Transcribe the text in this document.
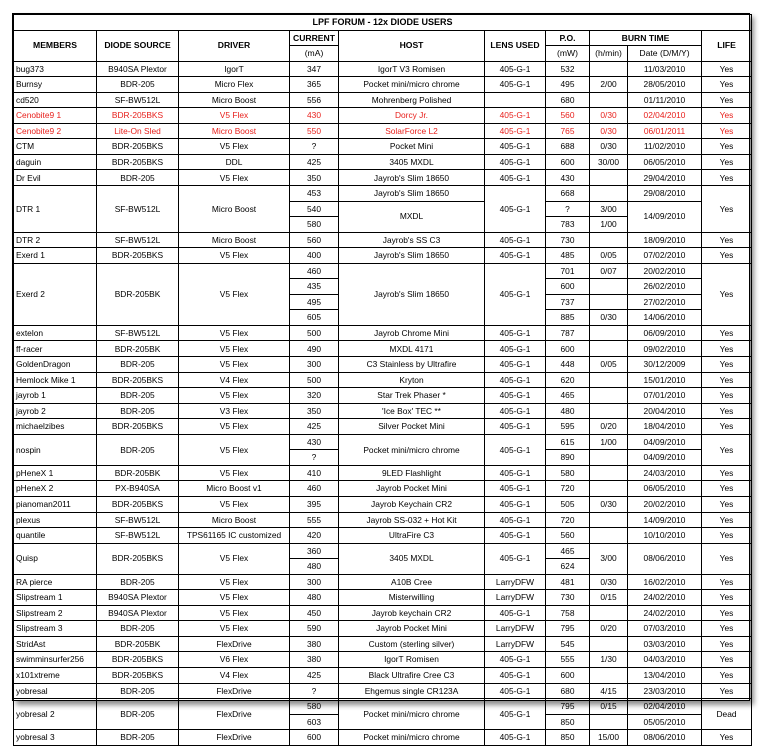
LPF FORUM - 12x DIODE USERS									
MEMBERS	DIODE SOURCE	DRIVER	CURRENT	HOST	LENS USED	P.O.	BURN TIME		LIFE
			(mA)			(mW)	(h/min)	Date (D/M/Y)	
bug373	B940SA Plextor	IgorT	347	IgorT V3 Romisen	405-G-1	532		11/03/2010	Yes
Burnsy	BDR-205	Micro Flex	365	Pocket mini/micro chrome	405-G-1	495	2/00	28/05/2010	Yes
cd520	SF-BW512L	Micro Boost	556	Mohrenberg Polished		680		01/11/2010	Yes
Cenobite9 1	BDR-205BKS	V5 Flex	430	Dorcy Jr.	405-G-1	560	0/30	02/04/2010	Yes
Cenobite9 2	Lite-On Sled	Micro Boost	550	SolarForce L2	405-G-1	765	0/30	06/01/2011	Yes
CTM	BDR-205BKS	V5 Flex	?	Pocket Mini	405-G-1	688	0/30	11/02/2010	Yes
daguin	BDR-205BKS	DDL	425	3405 MXDL	405-G-1	600	30/00	06/05/2010	Yes
Dr Evil	BDR-205	V5 Flex	350	Jayrob's Slim 18650	405-G-1	430		29/04/2010	Yes
DTR 1	SF-BW512L	Micro Boost	453	Jayrob's Slim 18650	405-G-1	668		29/08/2010	Yes
			540	MXDL		?	3/00	14/09/2010	
			580			783	1/00		
DTR 2	SF-BW512L	Micro Boost	560	Jayrob's SS C3	405-G-1	730		18/09/2010	Yes
Exerd 1	BDR-205BKS	V5 Flex	400	Jayrob's Slim 18650	405-G-1	485	0/05	07/02/2010	Yes
Exerd 2	BDR-205BK	V5 Flex	460	Jayrob's Slim 18650	405-G-1	701	0/07	20/02/2010	Yes
			435			600		26/02/2010	
			495			737		27/02/2010	
			605			885	0/30	14/06/2010	
extelon	SF-BW512L	V5 Flex	500	Jayrob Chrome Mini	405-G-1	787		06/09/2010	Yes
ff-racer	BDR-205BK	V5 Flex	490	MXDL 4171	405-G-1	600		09/02/2010	Yes
GoldenDragon	BDR-205	V5 Flex	300	C3 Stainless by Ultrafire	405-G-1	448	0/05	30/12/2009	Yes
Hemlock Mike 1	BDR-205BKS	V4 Flex	500	Kryton	405-G-1	620		15/01/2010	Yes
jayrob 1	BDR-205	V5 Flex	320	Star Trek Phaser *	405-G-1	465		07/01/2010	Yes
jayrob 2	BDR-205	V3 Flex	350	'Ice Box' TEC **	405-G-1	480		20/04/2010	Yes
michaelzibes	BDR-205BKS	V5 Flex	425	Silver Pocket Mini	405-G-1	595	0/20	18/04/2010	Yes
nospin	BDR-205	V5 Flex	430	Pocket mini/micro chrome	405-G-1	615	1/00	04/09/2010	Yes
			?			890		04/09/2010	
pHeneX 1	BDR-205BK	V5 Flex	410	9LED Flashlight	405-G-1	580		24/03/2010	Yes
pHeneX 2	PX-B940SA	Micro Boost v1	460	Jayrob Pocket Mini	405-G-1	720		06/05/2010	Yes
pianoman2011	BDR-205BKS	V5 Flex	395	Jayrob Keychain CR2	405-G-1	505	0/30	20/02/2010	Yes
plexus	SF-BW512L	Micro Boost	555	Jayrob SS-032 + Hot Kit	405-G-1	720		14/09/2010	Yes
quantile	SF-BW512L	TPS61165 IC customized	420	UltraFire C3	405-G-1	560		10/10/2010	Yes
Quisp	BDR-205BKS	V5 Flex	360	3405 MXDL	405-G-1	465	3/00	08/06/2010	Yes
			480			624			
RA pierce	BDR-205	V5 Flex	300	A10B Cree	LarryDFW	481	0/30	16/02/2010	Yes
Slipstream 1	B940SA Plextor	V5 Flex	480	Misterwilling	LarryDFW	730	0/15	24/02/2010	Yes
Slipstream 2	B940SA Plextor	V5 Flex	450	Jayrob keychain CR2	405-G-1	758		24/02/2010	Yes
Slipstream 3	BDR-205	V5 Flex	590	Jayrob Pocket Mini	LarryDFW	795	0/20	07/03/2010	Yes
StridAst	BDR-205BK	FlexDrive	380	Custom (sterling silver)	LarryDFW	545		03/03/2010	Yes
swimminsurfer256	BDR-205BKS	V6 Flex	380	IgorT Romisen	405-G-1	555	1/30	04/03/2010	Yes
x101xtreme	BDR-205BKS	V4 Flex	425	Black Ultrafire Cree C3	405-G-1	600		13/04/2010	Yes
yobresal	BDR-205	FlexDrive	?	Ehgemus single CR123A	405-G-1	680	4/15	23/03/2010	Yes
yobresal 2	BDR-205	FlexDrive	580	Pocket mini/micro chrome	405-G-1	795	0/15	02/04/2010	Dead
			603			850		05/05/2010	
yobresal 3	BDR-205	FlexDrive	600	Pocket mini/micro chrome	405-G-1	850	15/00	08/06/2010	Yes
